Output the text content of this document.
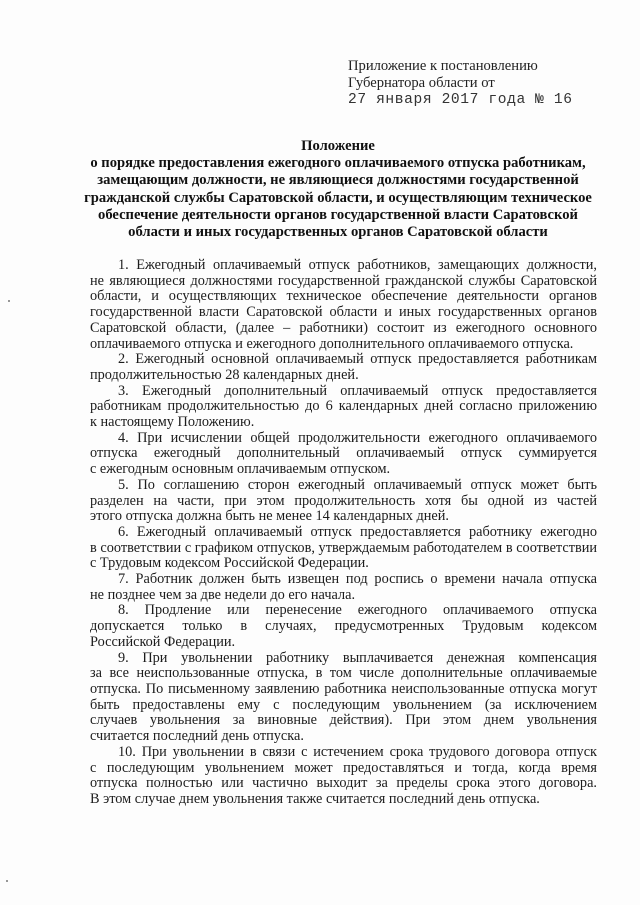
Приложение к постановлению
Губернатора области от
27 января 2017 года № 16
Положение
о порядке предоставления ежегодного оплачиваемого отпуска работникам,
замещающим должности, не являющиеся должностями государственной
гражданской службы Саратовской области, и осуществляющим техническое
обеспечение деятельности органов государственной власти Саратовской
области и иных государственных органов Саратовской области
1. Ежегодный оплачиваемый отпуск работников, замещающих должности,
не являющиеся должностями государственной гражданской службы Саратовской
области, и осуществляющих техническое обеспечение деятельности органов
государственной власти Саратовской области и иных государственных органов
Саратовской области, (далее – работники) состоит из ежегодного основного
оплачиваемого отпуска и ежегодного дополнительного оплачиваемого отпуска.
2. Ежегодный основной оплачиваемый отпуск предоставляется работникам
продолжительностью 28 календарных дней.
3. Ежегодный дополнительный оплачиваемый отпуск предоставляется
работникам продолжительностью до 6 календарных дней согласно приложению
к настоящему Положению.
4. При исчислении общей продолжительности ежегодного оплачиваемого
отпуска ежегодный дополнительный оплачиваемый отпуск суммируется
с ежегодным основным оплачиваемым отпуском.
5. По соглашению сторон ежегодный оплачиваемый отпуск может быть
разделен на части, при этом продолжительность хотя бы одной из частей
этого отпуска должна быть не менее 14 календарных дней.
6. Ежегодный оплачиваемый отпуск предоставляется работнику ежегодно
в соответствии с графиком отпусков, утверждаемым работодателем в соответствии
с Трудовым кодексом Российской Федерации.
7. Работник должен быть извещен под роспись о времени начала отпуска
не позднее чем за две недели до его начала.
8. Продление или перенесение ежегодного оплачиваемого отпуска
допускается только в случаях, предусмотренных Трудовым кодексом
Российской Федерации.
9. При увольнении работнику выплачивается денежная компенсация
за все неиспользованные отпуска, в том числе дополнительные оплачиваемые
отпуска. По письменному заявлению работника неиспользованные отпуска могут
быть предоставлены ему с последующим увольнением (за исключением
случаев увольнения за виновные действия). При этом днем увольнения
считается последний день отпуска.
10. При увольнении в связи с истечением срока трудового договора отпуск
с последующим увольнением может предоставляться и тогда, когда время
отпуска полностью или частично выходит за пределы срока этого договора.
В этом случае днем увольнения также считается последний день отпуска.
